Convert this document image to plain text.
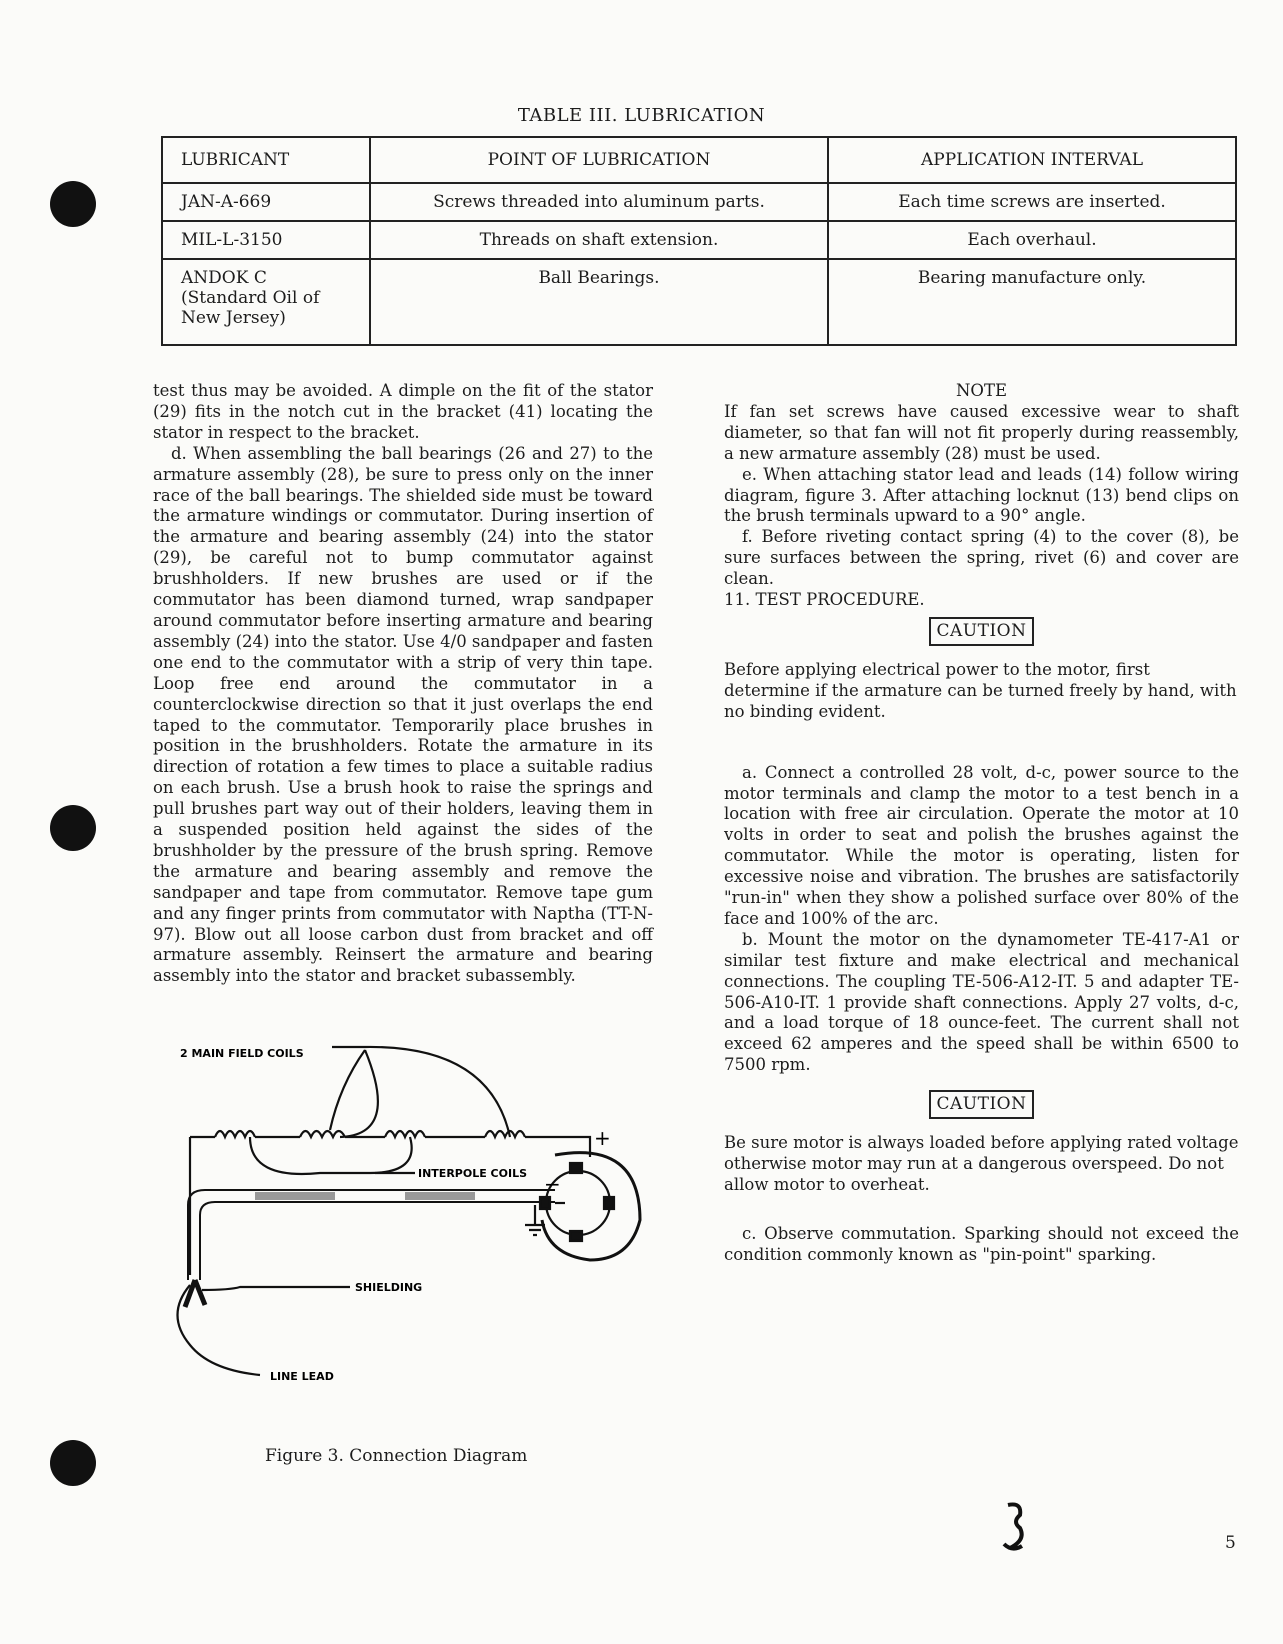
TABLE III. LUBRICATION
LUBRICANT	POINT OF LUBRICATION	APPLICATION INTERVAL
JAN-A-669	Screws threaded into aluminum parts.	Each time screws are inserted.
MIL-L-3150	Threads on shaft extension.	Each overhaul.
ANDOK C (Standard Oil of New Jersey)	Ball Bearings.	Bearing manufacture only.

test thus may be avoided. A dimple on the fit of the stator (29) fits in the notch cut in the bracket (41) locating the stator in respect to the bracket.

d. When assembling the ball bearings (26 and 27) to the armature assembly (28), be sure to press only on the inner race of the ball bearings. The shielded side must be toward the armature windings or commutator. During insertion of the armature and bearing assembly (24) into the stator (29), be careful not to bump commutator against brushholders. If new brushes are used or if the commutator has been diamond turned, wrap sandpaper around commutator before inserting armature and bearing assembly (24) into the stator. Use 4/0 sandpaper and fasten one end to the commutator with a strip of very thin tape. Loop free end around the commutator in a counterclockwise direction so that it just overlaps the end taped to the commutator. Temporarily place brushes in position in the brushholders. Rotate the armature in its direction of rotation a few times to place a suitable radius on each brush. Use a brush hook to raise the springs and pull brushes part way out of their holders, leaving them in a suspended position held against the sides of the brushholder by the pressure of the brush spring. Remove the armature and bearing assembly and remove the sandpaper and tape from commutator. Remove tape gum and any finger prints from commutator with Naptha (TT-N-97). Blow out all loose carbon dust from bracket and off armature assembly. Reinsert the armature and bearing assembly into the stator and bracket subassembly.

2 MAIN FIELD COILS
INTERPOLE COILS
SHIELDING
LINE LEAD
+
−
Figure 3. Connection Diagram

NOTE

If fan set screws have caused excessive wear to shaft diameter, so that fan will not fit properly during reassembly, a new armature assembly (28) must be used.

e. When attaching stator lead and leads (14) follow wiring diagram, figure 3. After attaching locknut (13) bend clips on the brush terminals upward to a 90° angle.

f. Before riveting contact spring (4) to the cover (8), be sure surfaces between the spring, rivet (6) and cover are clean.

11. TEST PROCEDURE.

CAUTION

Before applying electrical power to the motor, first determine if the armature can be turned freely by hand, with no binding evident.

a. Connect a controlled 28 volt, d-c, power source to the motor terminals and clamp the motor to a test bench in a location with free air circulation. Operate the motor at 10 volts in order to seat and polish the brushes against the commutator. While the motor is operating, listen for excessive noise and vibration. The brushes are satisfactorily "run-in" when they show a polished surface over 80% of the face and 100% of the arc.

b. Mount the motor on the dynamometer TE-417-A1 or similar test fixture and make electrical and mechanical connections. The coupling TE-506-A12-IT. 5 and adapter TE-506-A10-IT. 1 provide shaft connections. Apply 27 volts, d-c, and a load torque of 18 ounce-feet. The current shall not exceed 62 amperes and the speed shall be within 6500 to 7500 rpm.

CAUTION

Be sure motor is always loaded before applying rated voltage otherwise motor may run at a dangerous overspeed. Do not allow motor to overheat.

c. Observe commutation. Sparking should not exceed the condition commonly known as "pin-point" sparking.

5
